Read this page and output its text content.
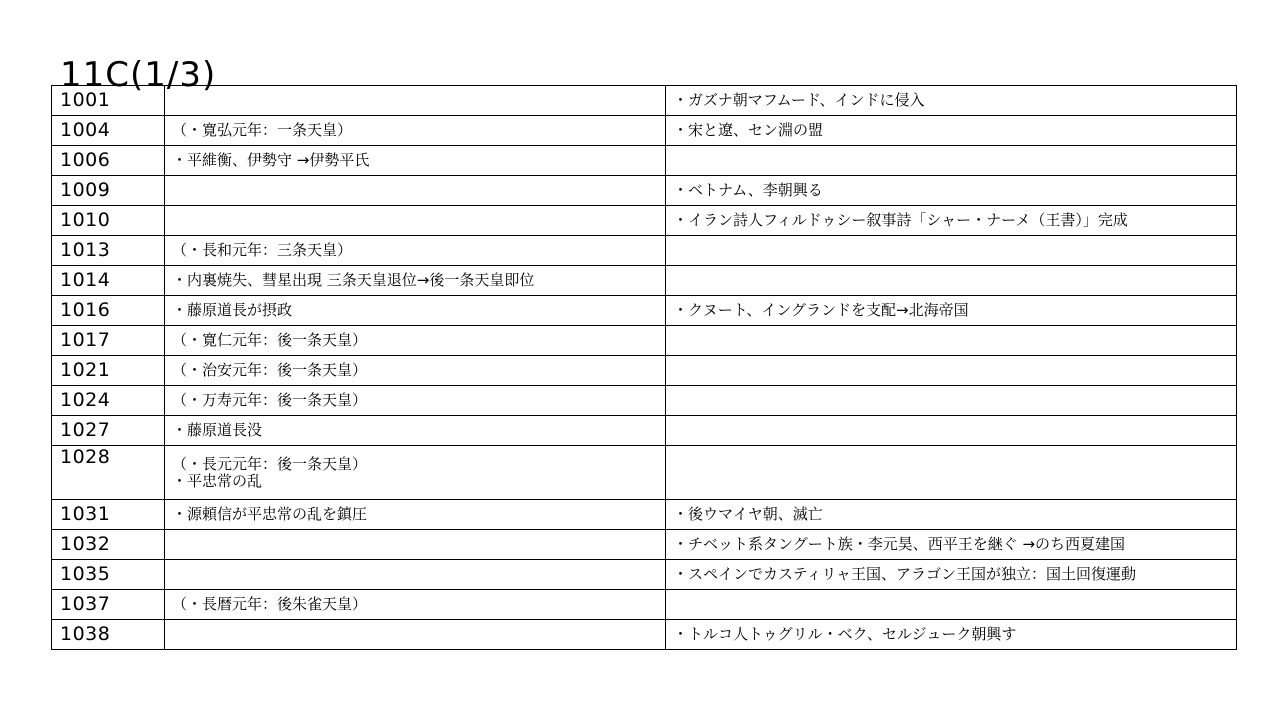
11C(1/3)
1001		・ガズナ朝マフムード、インドに侵入

1004	（・寛弘元年：一条天皇）	・宋と遼、セン淵の盟

1006	・平維衡、伊勢守 →伊勢平氏	

1009		・ベトナム、李朝興る

1010		・イラン詩人フィルドゥシー叙事詩「シャー・ナーメ（王書）」完成

1013	（・長和元年：三条天皇）	

1014	・内裏焼失、彗星出現 三条天皇退位→後一条天皇即位	

1016	・藤原道長が摂政	・クヌート、イングランドを支配→北海帝国

1017	（・寛仁元年：後一条天皇）	

1021	（・治安元年：後一条天皇）	

1024	（・万寿元年：後一条天皇）	

1027	・藤原道長没	

1028	（・長元元年：後一条天皇）
・平忠常の乱	

1031	・源頼信が平忠常の乱を鎮圧	・後ウマイヤ朝、滅亡

1032		・チベット系タングート族・李元昊、西平王を継ぐ →のち西夏建国

1035		・スペインでカスティリャ王国、アラゴン王国が独立：国土回復運動

1037	（・長暦元年：後朱雀天皇）	

1038		・トルコ人トゥグリル・ベク、セルジューク朝興す
